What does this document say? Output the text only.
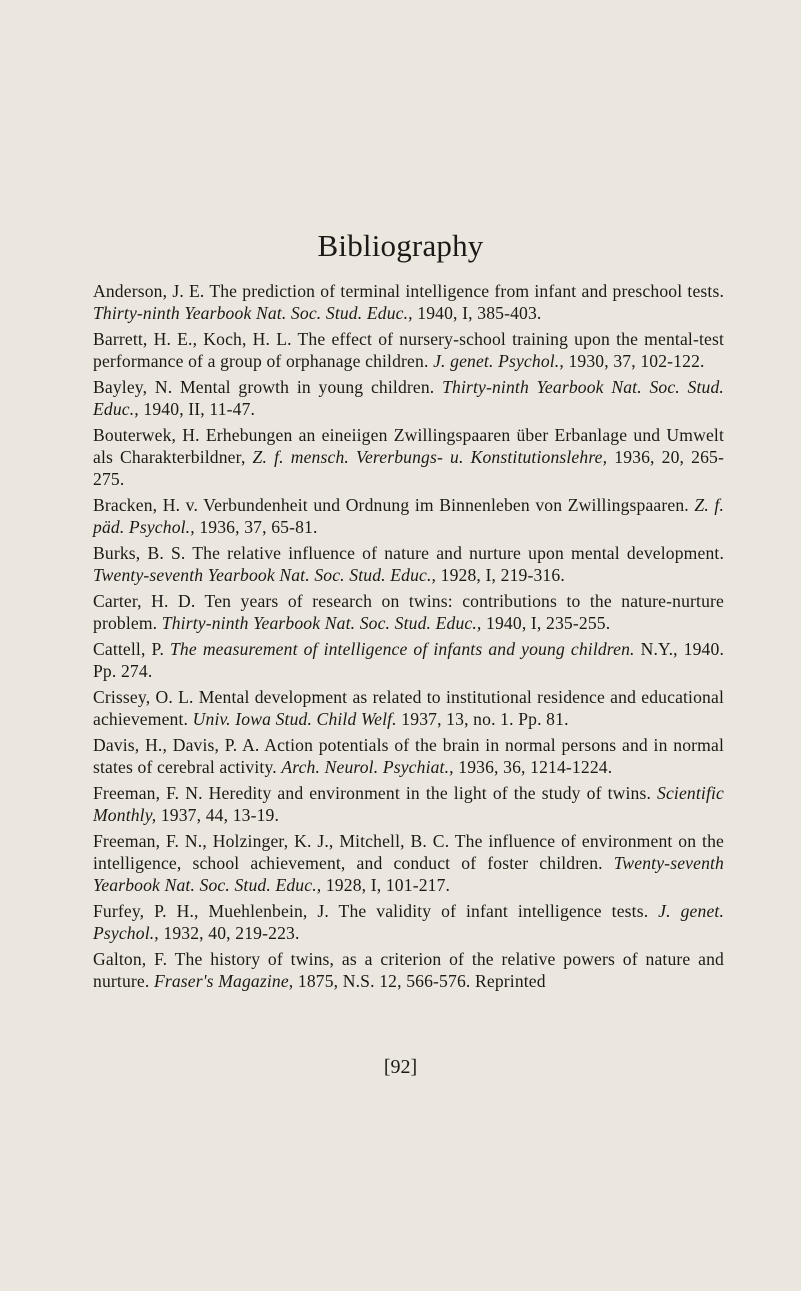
Bibliography

Anderson, J. E. The prediction of terminal intelligence from infant and preschool tests. Thirty-ninth Yearbook Nat. Soc. Stud. Educ., 1940, I, 385-403.

Barrett, H. E., Koch, H. L. The effect of nursery-school training upon the mental-test performance of a group of orphanage children. J. genet. Psychol., 1930, 37, 102-122.

Bayley, N. Mental growth in young children. Thirty-ninth Yearbook Nat. Soc. Stud. Educ., 1940, II, 11-47.

Bouterwek, H. Erhebungen an eineiigen Zwillingspaaren über Erbanlage und Umwelt als Charakterbildner, Z. f. mensch. Vererbungs- u. Konstitutionslehre, 1936, 20, 265-275.

Bracken, H. v. Verbundenheit und Ordnung im Binnenleben von Zwillingspaaren. Z. f. päd. Psychol., 1936, 37, 65-81.

Burks, B. S. The relative influence of nature and nurture upon mental development. Twenty-seventh Yearbook Nat. Soc. Stud. Educ., 1928, I, 219-316.

Carter, H. D. Ten years of research on twins: contributions to the nature-nurture problem. Thirty-ninth Yearbook Nat. Soc. Stud. Educ., 1940, I, 235-255.

Cattell, P. The measurement of intelligence of infants and young children. N.Y., 1940. Pp. 274.

Crissey, O. L. Mental development as related to institutional residence and educational achievement. Univ. Iowa Stud. Child Welf. 1937, 13, no. 1. Pp. 81.

Davis, H., Davis, P. A. Action potentials of the brain in normal persons and in normal states of cerebral activity. Arch. Neurol. Psychiat., 1936, 36, 1214-1224.

Freeman, F. N. Heredity and environment in the light of the study of twins. Scientific Monthly, 1937, 44, 13-19.

Freeman, F. N., Holzinger, K. J., Mitchell, B. C. The influence of environment on the intelligence, school achievement, and conduct of foster children. Twenty-seventh Yearbook Nat. Soc. Stud. Educ., 1928, I, 101-217.

Furfey, P. H., Muehlenbein, J. The validity of infant intelligence tests. J. genet. Psychol., 1932, 40, 219-223.

Galton, F. The history of twins, as a criterion of the relative powers of nature and nurture. Fraser's Magazine, 1875, N.S. 12, 566-576. Reprinted

[92]
